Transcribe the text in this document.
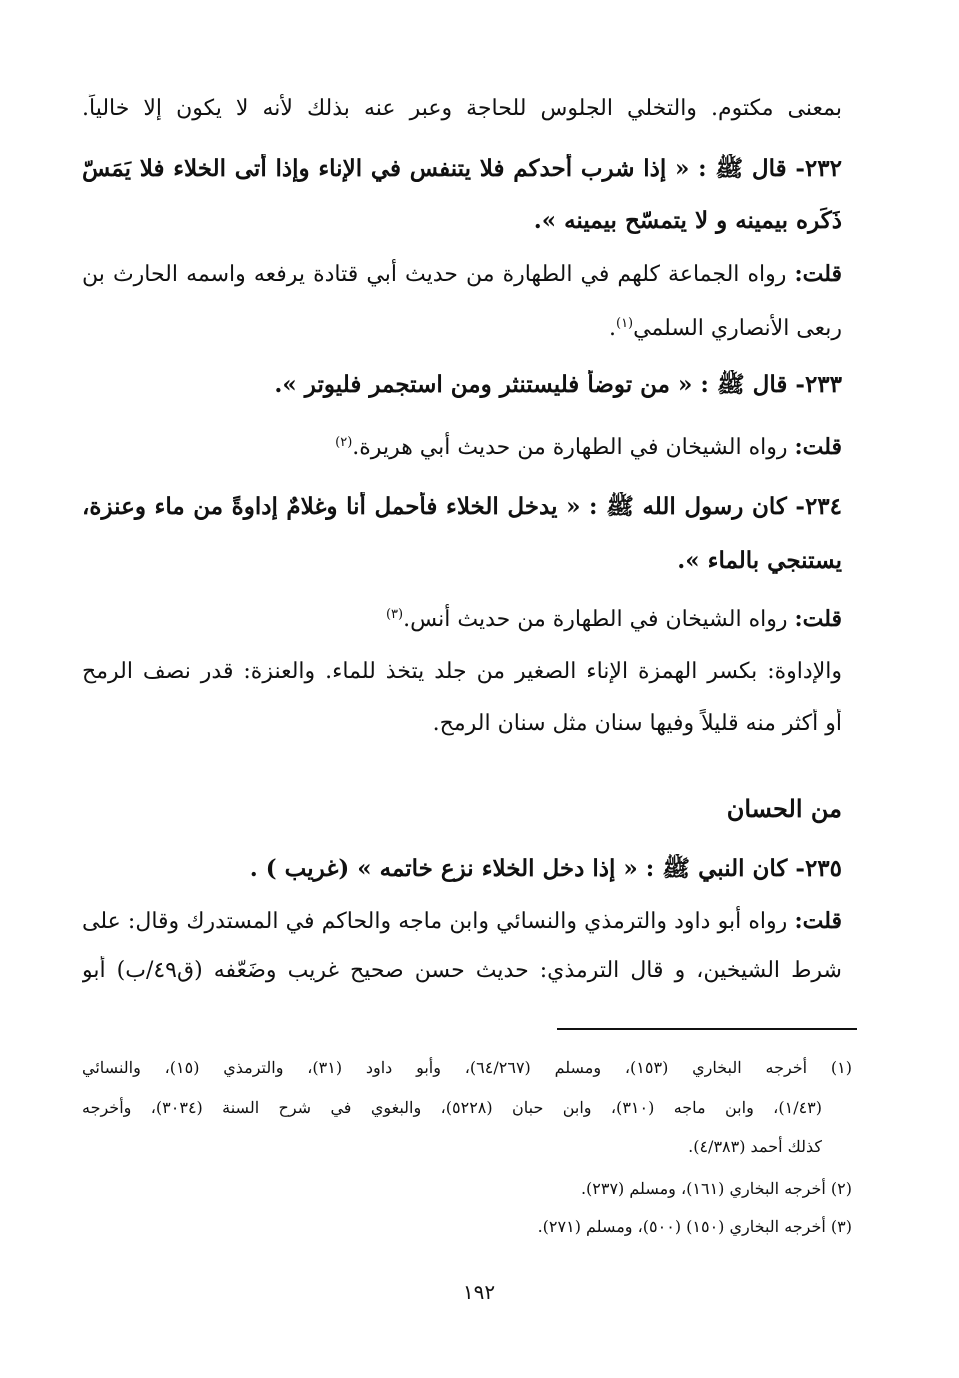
بمعنى مكتوم. والتخلي الجلوس للحاجة وعبر عنه بذلك لأنه لا يكون إلا خالياً.
٢٣٢- قال ﷺ : « إذا شرب أحدكم فلا يتنفس في الإناء وإذا أتى الخلاء فلا يَمَسّ
ذَكَره بيمينه و لا يتمسّح بيمينه ».
قلت: رواه الجماعة كلهم في الطهارة من حديث أبي قتادة يرفعه واسمه الحارث بن
ربعى الأنصاري السلمي$^{(١)}$.
٢٣٣- قال ﷺ : « من توضأ فليستنثر ومن استجمر فليوتر ».
قلت: رواه الشيخان في الطهارة من حديث أبي هريرة.$^{(٢)}$
٢٣٤- كان رسول الله ﷺ : « يدخل الخلاء فأحمل أنا وغلامٌ إداوةً من ماء وعنزة،
يستنجي بالماء ».
قلت: رواه الشيخان في الطهارة من حديث أنس.$^{(٣)}$
والإداوة: بكسر الهمزة الإناء الصغير من جلد يتخذ للماء. والعنزة: قدر نصف الرمح
أو أكثر منه قليلاً وفيها سنان مثل سنان الرمح.
من الحسان
٢٣٥- كان النبي ﷺ : « إذا دخل الخلاء نزع خاتمه » (غريب ) .
قلت: رواه أبو داود والترمذي والنسائي وابن ماجه والحاكم في المستدرك وقال: على
شرط الشيخين، و قال الترمذي: حديث حسن صحيح غريب وضَعّفه (ق٤٩/ب) أبو
(١) أخرجه البخاري (١٥٣)، ومسلم (٦٤/٢٦٧)، وأبو داود (٣١)، والترمذي (١٥)، والنسائي
(١/٤٣)، وابن ماجه (٣١٠)، وابن حبان (٥٢٢٨)، والبغوي في شرح السنة (٣٠٣٤)، وأخرجه
كذلك أحمد (٤/٣٨٣).
(٢) أخرجه البخاري (١٦١)، ومسلم (٢٣٧).
(٣) أخرجه البخاري (١٥٠) (٥٠٠)، ومسلم (٢٧١).
١٩٢
